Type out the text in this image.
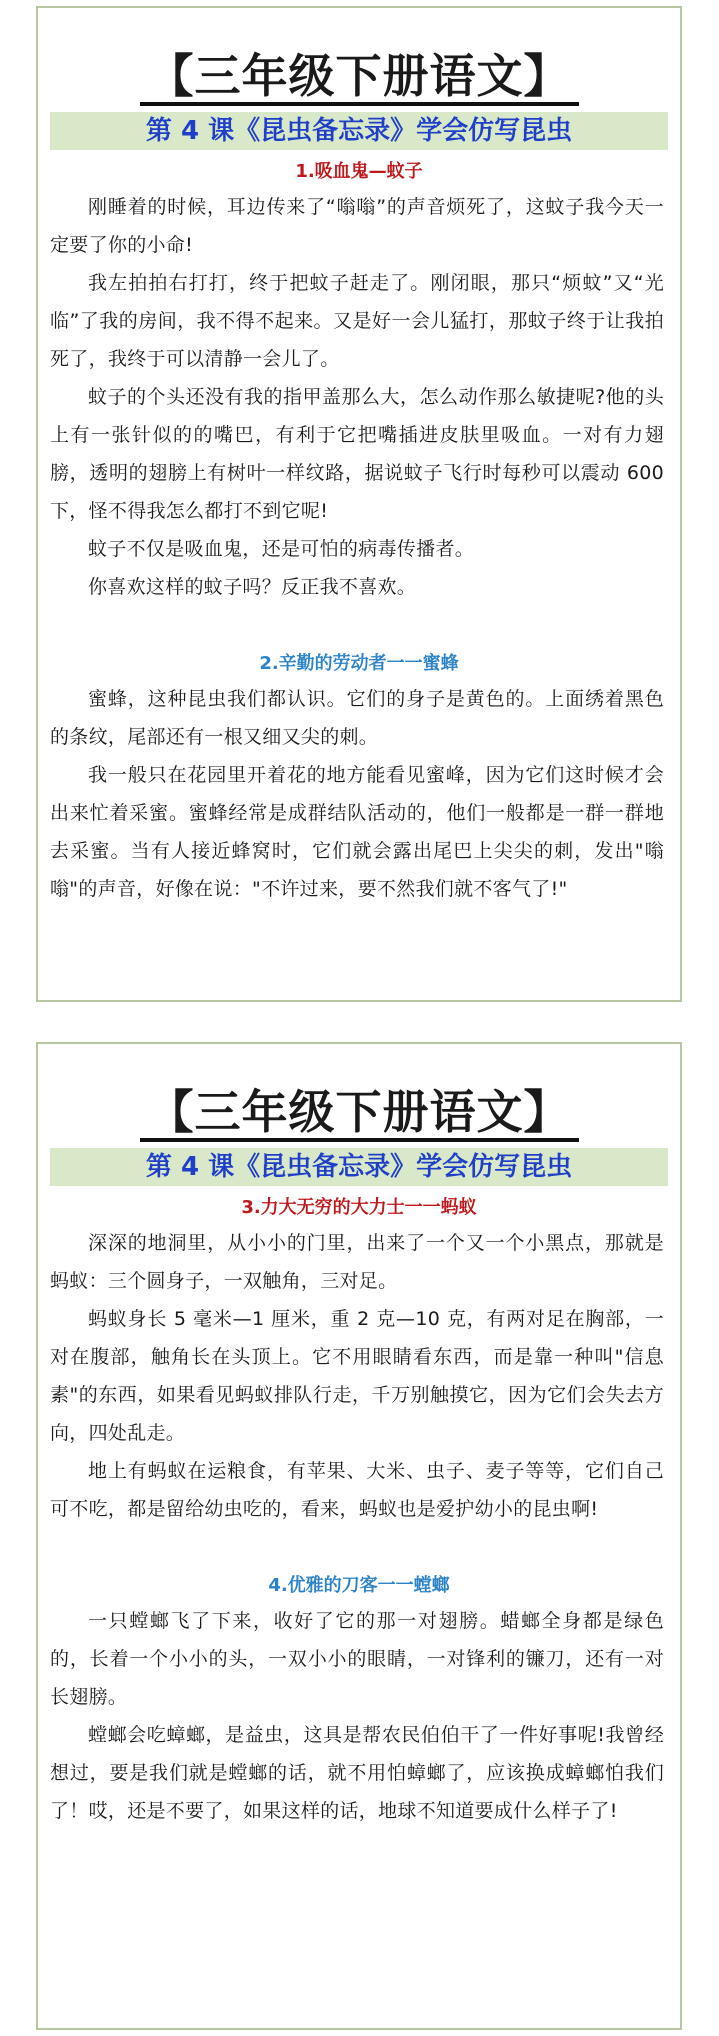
【三年级下册语文】
第 4 课《昆虫备忘录》学会仿写昆虫
1.吸血鬼—蚊子

刚睡着的时候，耳边传来了“嗡嗡”的声音烦死了，这蚊子我今天一定要了你的小命!

我左拍拍右打打，终于把蚊子赶走了。刚闭眼，那只“烦蚊”又“光临”了我的房间，我不得不起来。又是好一会儿猛打，那蚊子终于让我拍死了，我终于可以清静一会儿了。

蚊子的个头还没有我的指甲盖那么大，怎么动作那么敏捷呢?他的头上有一张针似的的嘴巴，有利于它把嘴插进皮肤里吸血。一对有力翅膀，透明的翅膀上有树叶一样纹路，据说蚊子飞行时每秒可以震动 600 下，怪不得我怎么都打不到它呢!

蚊子不仅是吸血鬼，还是可怕的病毒传播者。

你喜欢这样的蚊子吗？反正我不喜欢。

2.辛勤的劳动者一一蜜蜂

蜜蜂，这种昆虫我们都认识。它们的身子是黄色的。上面绣着黑色的条纹，尾部还有一根又细又尖的刺。

我一般只在花园里开着花的地方能看见蜜峰，因为它们这时候才会出来忙着采蜜。蜜蜂经常是成群结队活动的，他们一般都是一群一群地去采蜜。当有人接近蜂窝时，它们就会露出尾巴上尖尖的刺，发出"嗡嗡"的声音，好像在说："不许过来，要不然我们就不客气了!"

【三年级下册语文】
第 4 课《昆虫备忘录》学会仿写昆虫
3.力大无穷的大力士一一蚂蚁

深深的地洞里，从小小的门里，出来了一个又一个小黑点，那就是蚂蚁：三个圆身子，一双触角，三对足。

蚂蚁身长 5 毫米—1 厘米，重 2 克—10 克，有两对足在胸部，一对在腹部，触角长在头顶上。它不用眼睛看东西，而是靠一种叫"信息素"的东西，如果看见蚂蚁排队行走，千万别触摸它，因为它们会失去方向，四处乱走。

地上有蚂蚁在运粮食，有苹果、大米、虫子、麦子等等，它们自己可不吃，都是留给幼虫吃的，看来，蚂蚁也是爱护幼小的昆虫啊!

4.优雅的刀客一一螳螂

一只螳螂飞了下来，收好了它的那一对翅膀。蜡螂全身都是绿色的，长着一个小小的头，一双小小的眼睛，一对锋利的镰刀，还有一对长翅膀。

螳螂会吃蟑螂，是益虫，这具是帮农民伯伯干了一件好事呢!我曾经想过，要是我们就是螳螂的话，就不用怕蟑螂了，应该换成蟑螂怕我们了！哎，还是不要了，如果这样的话，地球不知道要成什么样子了!
